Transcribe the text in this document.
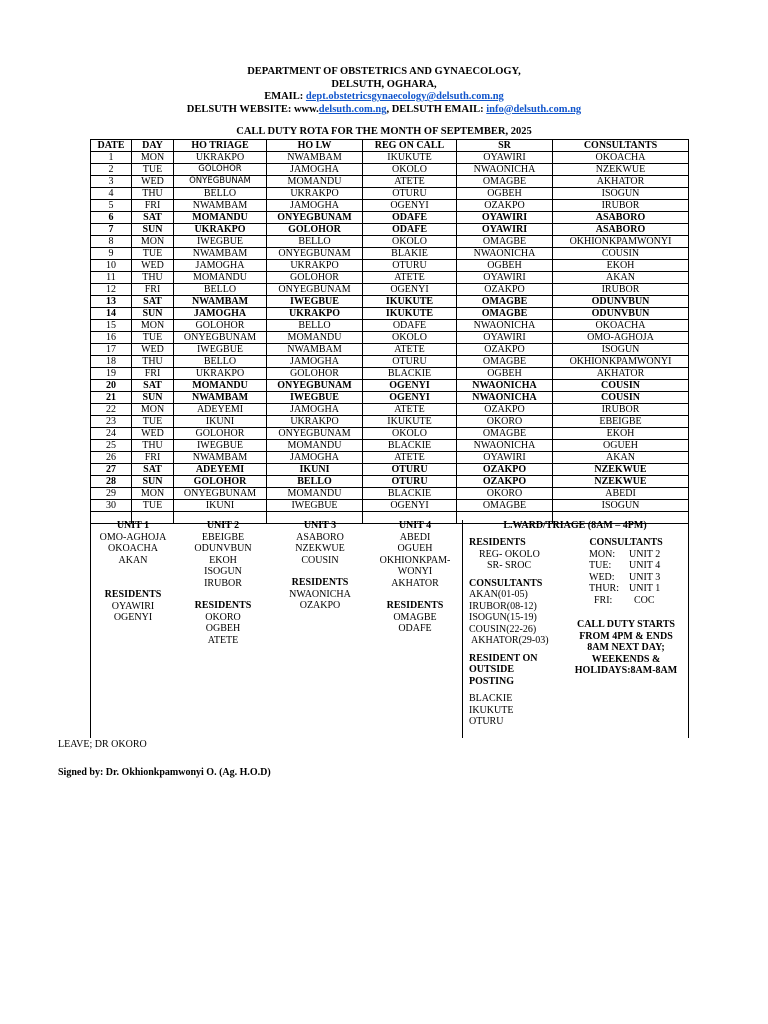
DEPARTMENT OF OBSTETRICS AND GYNAECOLOGY,
DELSUTH, OGHARA,
EMAIL: dept.obstetricsgynaecology@delsuth.com.ng
DELSUTH WEBSITE: www.delsuth.com.ng, DELSUTH EMAIL: info@delsuth.com.ng
CALL DUTY ROTA FOR THE MONTH OF SEPTEMBER, 2025
DATE	DAY	HO TRIAGE	HO LW	REG ON CALL	SR	CONSULTANTS
1	MON	UKRAKPO	NWAMBAM	IKUKUTE	OYAWIRI	OKOACHA
2	TUE	GOLOHOR	JAMOGHA	OKOLO	NWAONICHA	NZEKWUE
3	WED	ONYEGBUNAM	MOMANDU	ATETE	OMAGBE	AKHATOR
4	THU	BELLO	UKRAKPO	OTURU	OGBEH	ISOGUN
5	FRI	NWAMBAM	JAMOGHA	OGENYI	OZAKPO	IRUBOR
6	SAT	MOMANDU	ONYEGBUNAM	ODAFE	OYAWIRI	ASABORO
7	SUN	UKRAKPO	GOLOHOR	ODAFE	OYAWIRI	ASABORO
8	MON	IWEGBUE	BELLO	OKOLO	OMAGBE	OKHIONKPAMWONYI
9	TUE	NWAMBAM	ONYEGBUNAM	BLAKIE	NWAONICHA	COUSIN
10	WED	JAMOGHA	UKRAKPO	OTURU	OGBEH	EKOH
11	THU	MOMANDU	GOLOHOR	ATETE	OYAWIRI	AKAN
12	FRI	BELLO	ONYEGBUNAM	OGENYI	OZAKPO	IRUBOR
13	SAT	NWAMBAM	IWEGBUE	IKUKUTE	OMAGBE	ODUNVBUN
14	SUN	JAMOGHA	UKRAKPO	IKUKUTE	OMAGBE	ODUNVBUN
15	MON	GOLOHOR	BELLO	ODAFE	NWAONICHA	OKOACHA
16	TUE	ONYEGBUNAM	MOMANDU	OKOLO	OYAWIRI	OMO-AGHOJA
17	WED	IWEGBUE	NWAMBAM	ATETE	OZAKPO	ISOGUN
18	THU	BELLO	JAMOGHA	OTURU	OMAGBE	OKHIONKPAMWONYI
19	FRI	UKRAKPO	GOLOHOR	BLACKIE	OGBEH	AKHATOR
20	SAT	MOMANDU	ONYEGBUNAM	OGENYI	NWAONICHA	COUSIN
21	SUN	NWAMBAM	IWEGBUE	OGENYI	NWAONICHA	COUSIN
22	MON	ADEYEMI	JAMOGHA	ATETE	OZAKPO	IRUBOR
23	TUE	IKUNI	UKRAKPO	IKUKUTE	OKORO	EBEIGBE
24	WED	GOLOHOR	ONYEGBUNAM	OKOLO	OMAGBE	EKOH
25	THU	IWEGBUE	MOMANDU	BLACKIE	NWAONICHA	OGUEH
26	FRI	NWAMBAM	JAMOGHA	ATETE	OYAWIRI	AKAN
27	SAT	ADEYEMI	IKUNI	OTURU	OZAKPO	NZEKWUE
28	SUN	GOLOHOR	BELLO	OTURU	OZAKPO	NZEKWUE
29	MON	ONYEGBUNAM	MOMANDU	BLACKIE	OKORO	ABEDI
30	TUE	IKUNI	IWEGBUE	OGENYI	OMAGBE	ISOGUN

UNIT 1
OMO-AGHOJA
OKOACHA
AKAN
RESIDENTS
OYAWIRI
OGENYI
UNIT 2
EBEIGBE
ODUNVBUN
EKOH
ISOGUN
IRUBOR
RESIDENTS
OKORO
OGBEH
ATETE
UNIT 3
ASABORO
NZEKWUE
COUSIN
RESIDENTS
NWAONICHA
OZAKPO
UNIT 4
ABEDI
OGUEH
OKHIONKPAM-
WONYI
AKHATOR
RESIDENTS
OMAGBE
ODAFE
L.WARD/TRIAGE (8AM – 4PM)
RESIDENTS
REG- OKOLO
SR- SROC
CONSULTANTS
AKAN(01-05)
IRUBOR(08-12)
ISOGUN(15-19)
COUSIN(22-26)
AKHATOR(29-03)
RESIDENT ON
OUTSIDE
POSTING
BLACKIE
IKUKUTE
OTURU
CONSULTANTS
MON: UNIT 2
TUE: UNIT 4
WED: UNIT 3
THUR: UNIT 1
FRI: COC
CALL DUTY STARTS
FROM 4PM & ENDS
8AM NEXT DAY;
WEEKENDS &
HOLIDAYS:8AM-8AM
LEAVE; DR OKORO
Signed by: Dr. Okhionkpamwonyi O. (Ag. H.O.D)
